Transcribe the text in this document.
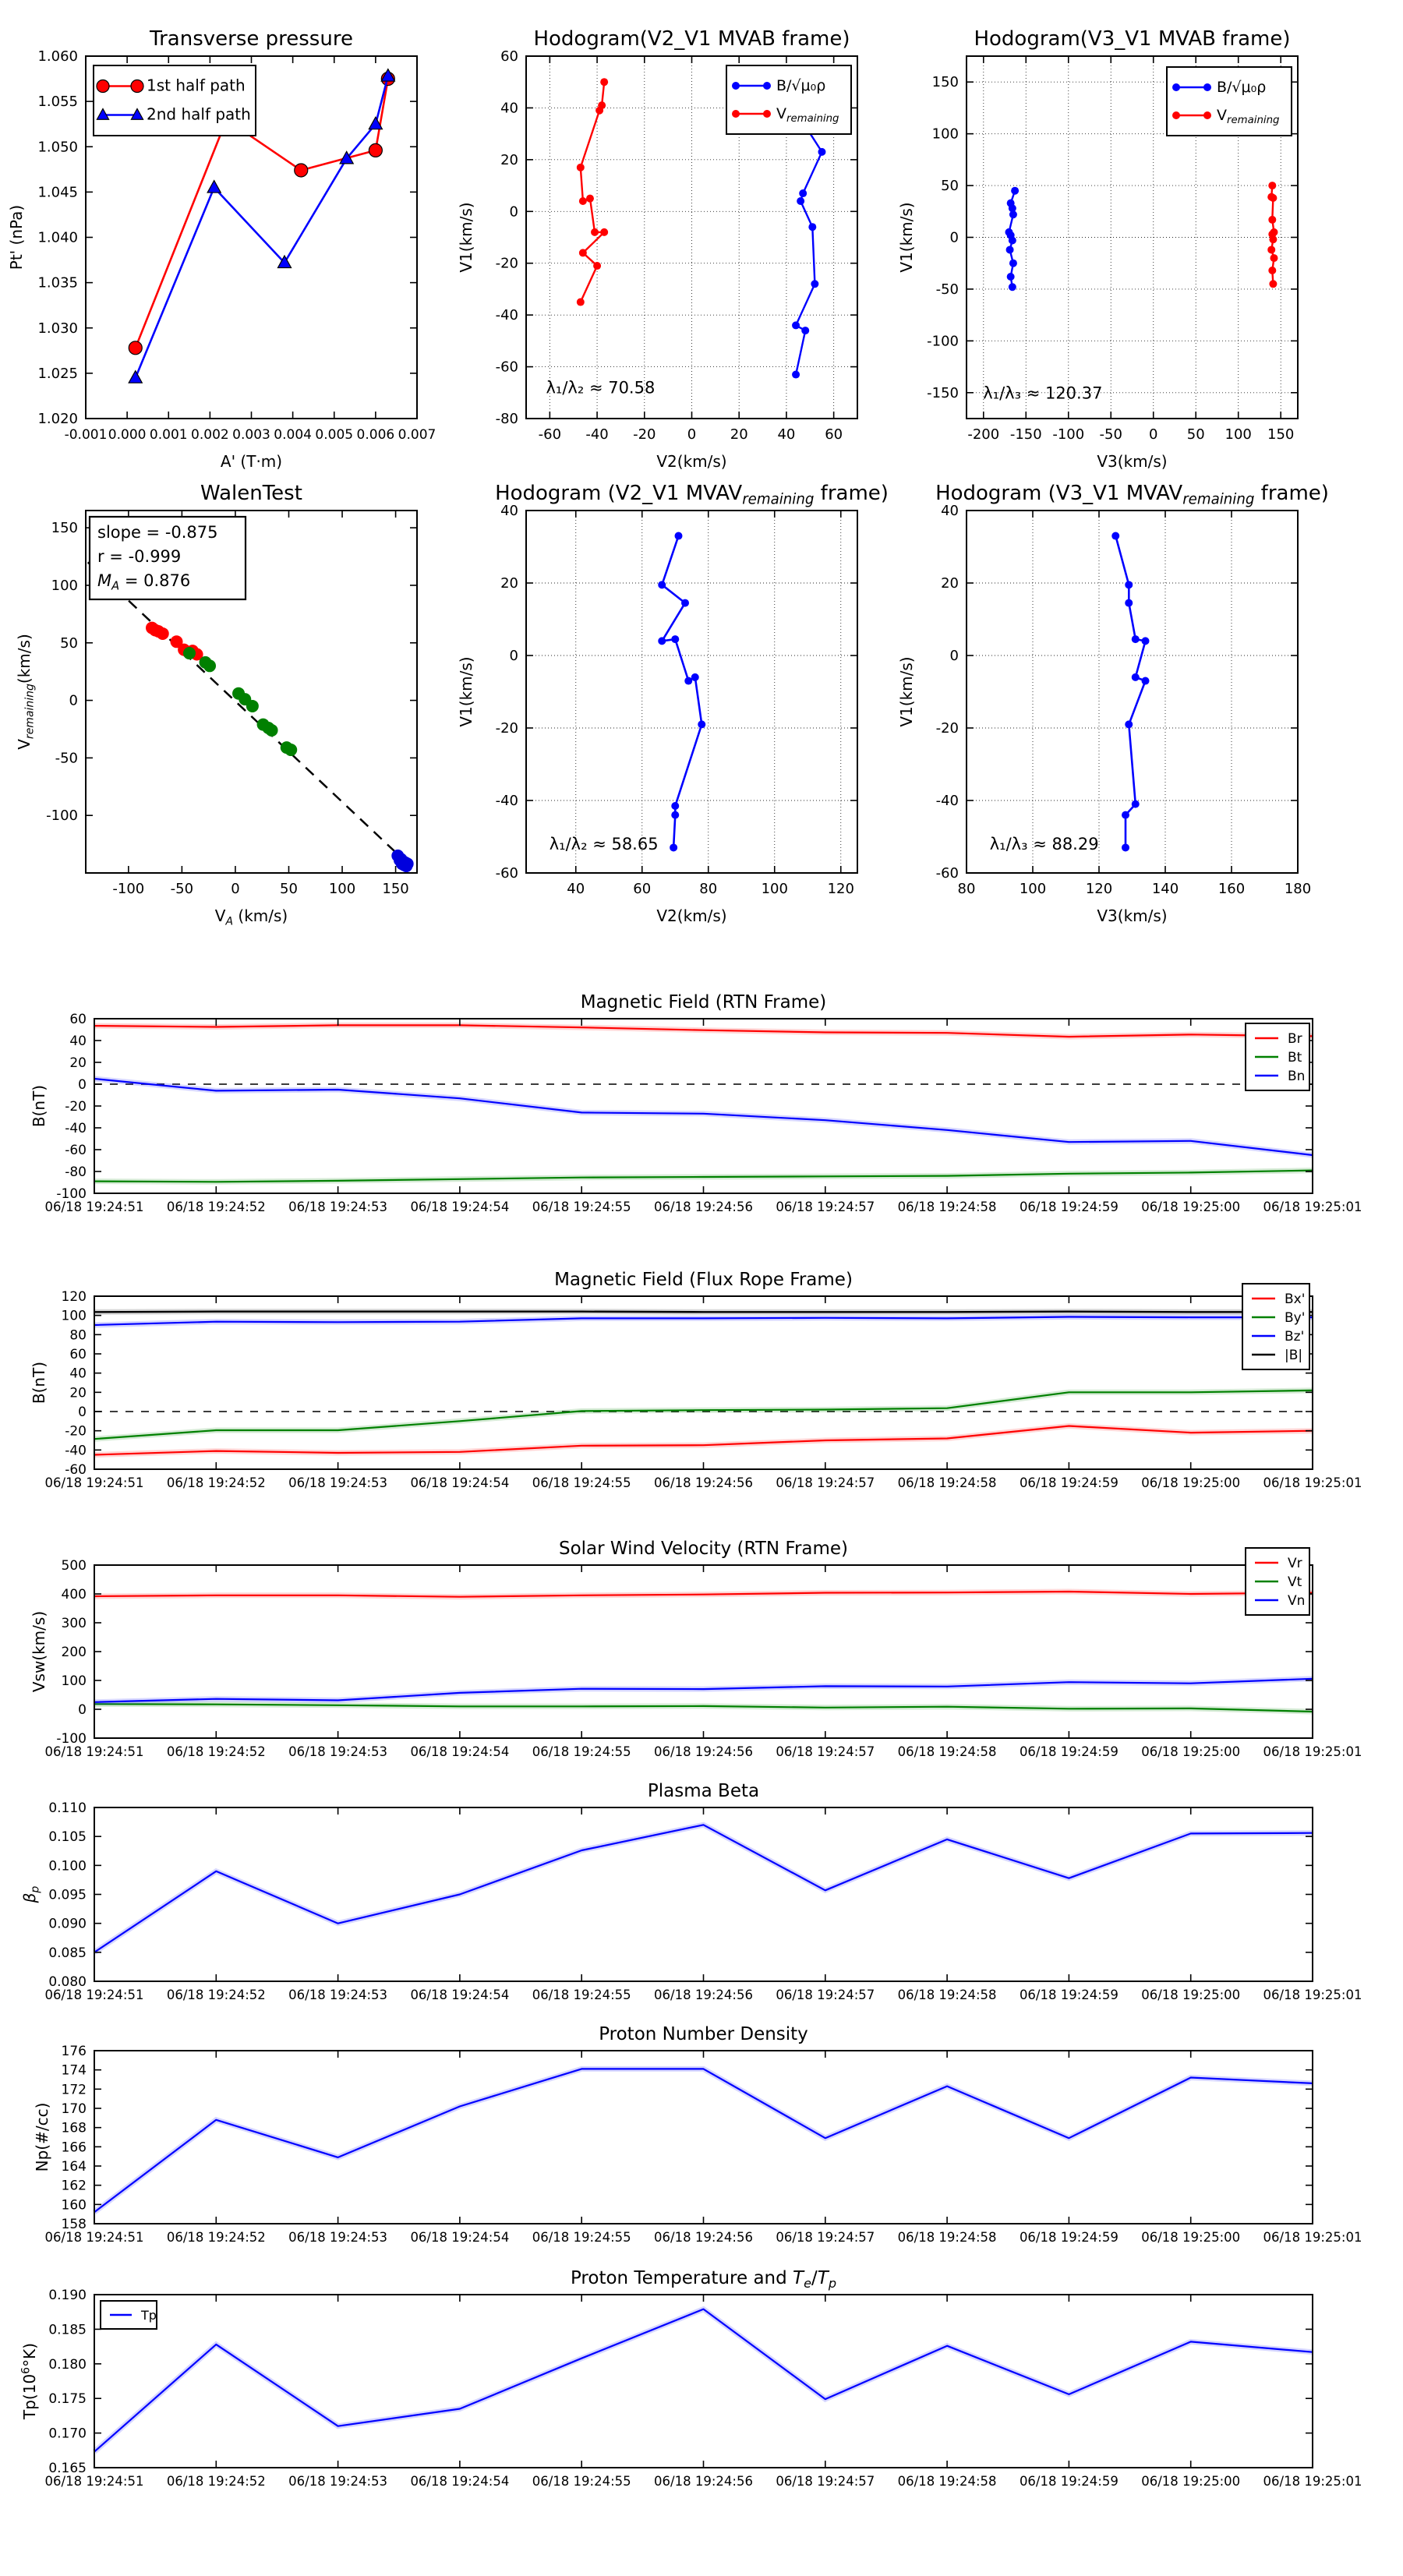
-0.001 0.000 0.001 0.002 0.003 0.004 0.005 0.006 0.007
1.020
1.025
1.030
1.035
1.040
1.045
1.050
1.055
1.060
Transverse pressure
A' (T·m)
Pt' (nPa)
1st half path
2nd half path
-60 -40 -20 0 20 40 60
-80
-60
-40
-20
0
20
40
60
Hodogram(V2_V1 MVAB frame)
V2(km/s)
V1(km/s)
B/√μ₀ρ
$V_{remaining}$
λ₁/λ₂ ≈ 70.58
-200 -150 -100 -50 0 50 100 150
-150
-100
-50
0
50
100
150
Hodogram(V3_V1 MVAB frame)
V3(km/s)
V1(km/s)
B/√μ₀ρ
$V_{remaining}$
λ₁/λ₃ ≈ 120.37
-100 -50	0	50 100 150
-100
-50
0
50
100
150
WalenTest
$V_A$ (km/s)
$V_{remaining}(km/s)$
slope = -0.875
r = -0.999
$M_A = 0.876$
40	60	80	100	120
-60
-40
-20
0
20
40
Hodogram (V2_V1 $MVAV_{remaining}$ frame)
V2(km/s)
V1(km/s)
λ₁/λ₂ ≈ 58.65
80	100	120	140	160	180
-60
-40
-20
0
20
40
Hodogram (V3_V1 $MVAV_{remaining}$ frame)
V3(km/s)
V1(km/s)
λ₁/λ₃ ≈ 88.29
06/18 19:24:51 06/18 19:24:52 06/18 19:24:53 06/18 19:24:54 06/18 19:24:55 06/18 19:24:56 06/18 19:24:57 06/18 19:24:58 06/18 19:24:59 06/18 19:25:00 06/18 19:25:01
-100
-80
-60
-40
-20
0
20
40
60
Magnetic Field (RTN Frame)
B(nT)
Br
Bt
Bn
06/18 19:24:51 06/18 19:24:52 06/18 19:24:53 06/18 19:24:54 06/18 19:24:55 06/18 19:24:56 06/18 19:24:57 06/18 19:24:58 06/18 19:24:59 06/18 19:25:00 06/18 19:25:01
-60
-40
-20
0
20
40
60
80
100
120
Magnetic Field (Flux Rope Frame)
B(nT)
Bx'
By'
Bz'
|B|
06/18 19:24:51 06/18 19:24:52 06/18 19:24:53 06/18 19:24:54 06/18 19:24:55 06/18 19:24:56 06/18 19:24:57 06/18 19:24:58 06/18 19:24:59 06/18 19:25:00 06/18 19:25:01
-100
0
100
200
300
400
500
Solar Wind Velocity (RTN Frame)
Vsw(km/s)
Vr
Vt
Vn
06/18 19:24:51 06/18 19:24:52 06/18 19:24:53 06/18 19:24:54 06/18 19:24:55 06/18 19:24:56 06/18 19:24:57 06/18 19:24:58 06/18 19:24:59 06/18 19:25:00 06/18 19:25:01
0.080
0.085
0.090
0.095
0.100
0.105
0.110
Plasma Beta
$\beta_p$
06/18 19:24:51 06/18 19:24:52 06/18 19:24:53 06/18 19:24:54 06/18 19:24:55 06/18 19:24:56 06/18 19:24:57 06/18 19:24:58 06/18 19:24:59 06/18 19:25:00 06/18 19:25:01
158
160
162
164
166
168
170
172
174
176
Proton Number Density
Np(#/cc)
06/18 19:24:51 06/18 19:24:52 06/18 19:24:53 06/18 19:24:54 06/18 19:24:55 06/18 19:24:56 06/18 19:24:57 06/18 19:24:58 06/18 19:24:59 06/18 19:25:00 06/18 19:25:01
0.165
0.170
0.175
0.180
0.185
0.190
Proton Temperature and $T_e/T_p$
$Tp(10^6^\circ K)$
Tp
